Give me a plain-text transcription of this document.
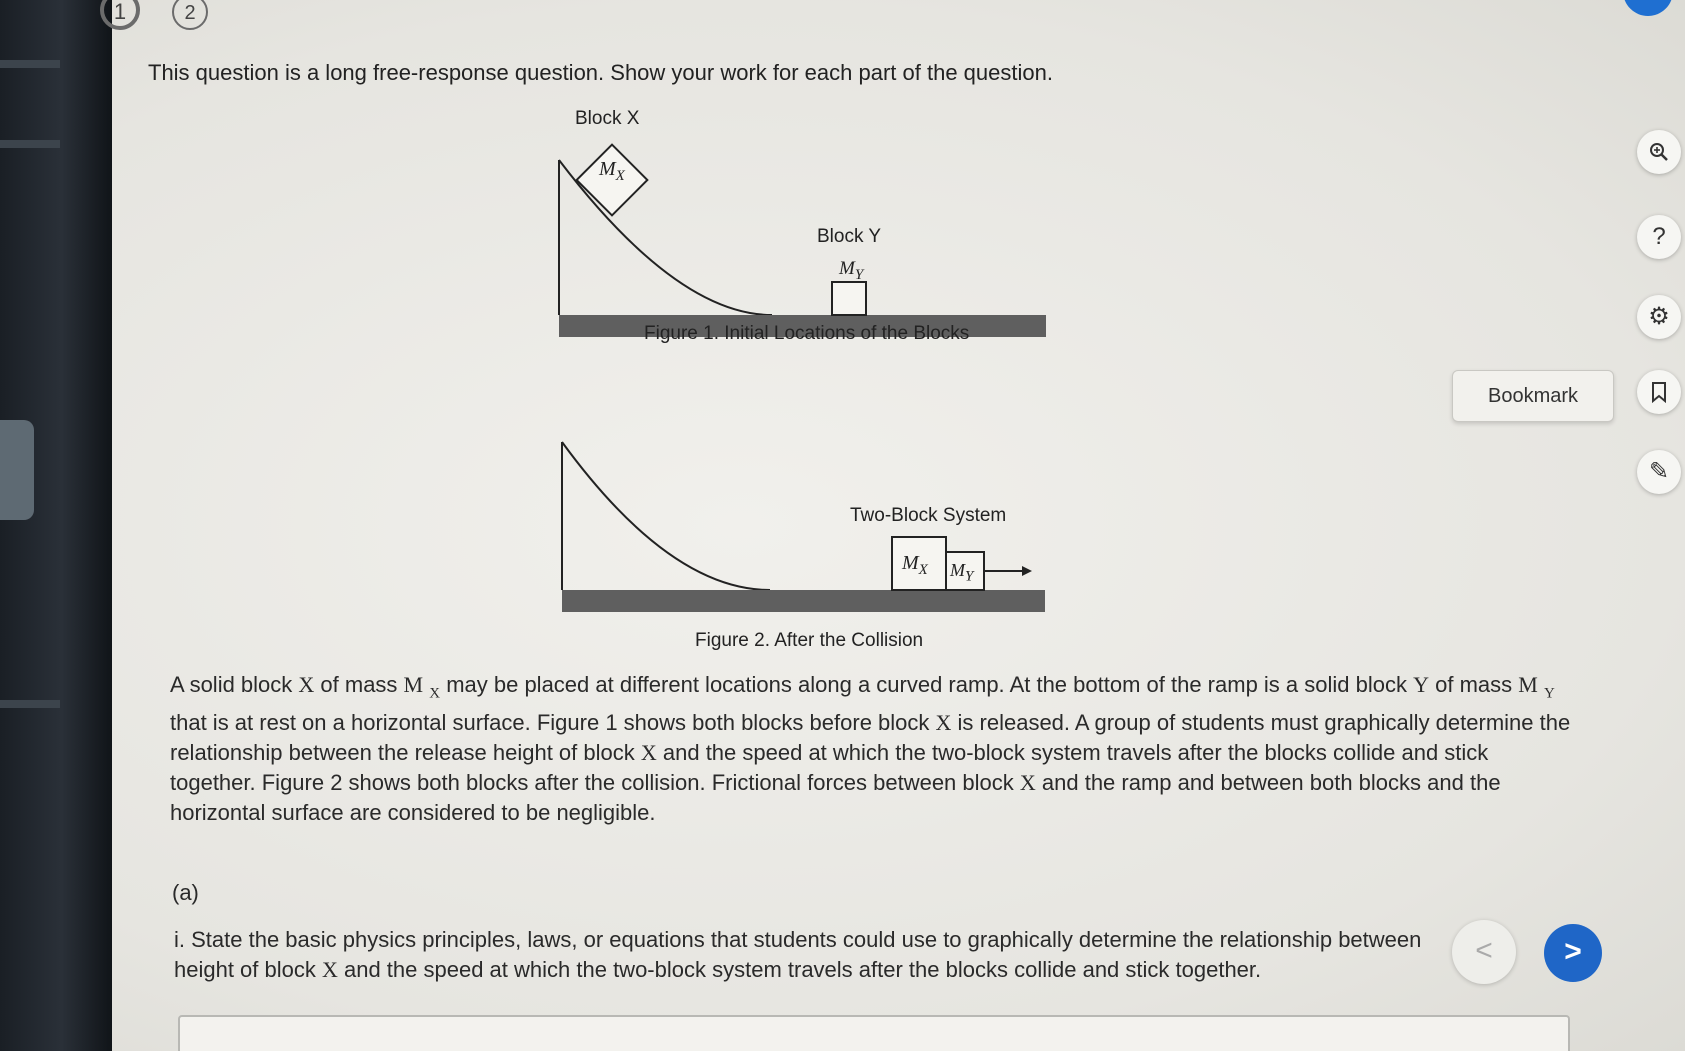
1	2
This question is a long free-response question. Show your work for each part of the question.
Block X
$M_X$
Block Y
$M_Y$
Figure 1. Initial Locations of the Blocks
Two-Block System
$M_X$ $M_Y$
Figure 2. After the Collision
Bookmark
?
⚙
✎
A solid block X of mass M $_X$ may be placed at different locations along a curved ramp. At the bottom of the ramp is a solid block Y of mass M $_Y$ that is at rest on a horizontal surface. Figure 1 shows both blocks before block X is released. A group of students must graphically determine the relationship between the release height of block X and the speed at which the two-block system travels after the blocks collide and stick together. Figure 2 shows both blocks after the collision. Frictional forces between block X and the ramp and between both blocks and the horizontal surface are considered to be negligible.
(a)
i. State the basic physics principles, laws, or equations that students could use to graphically determine the relationship between
height of block X and the speed at which the two-block system travels after the blocks collide and stick together.
<	>
